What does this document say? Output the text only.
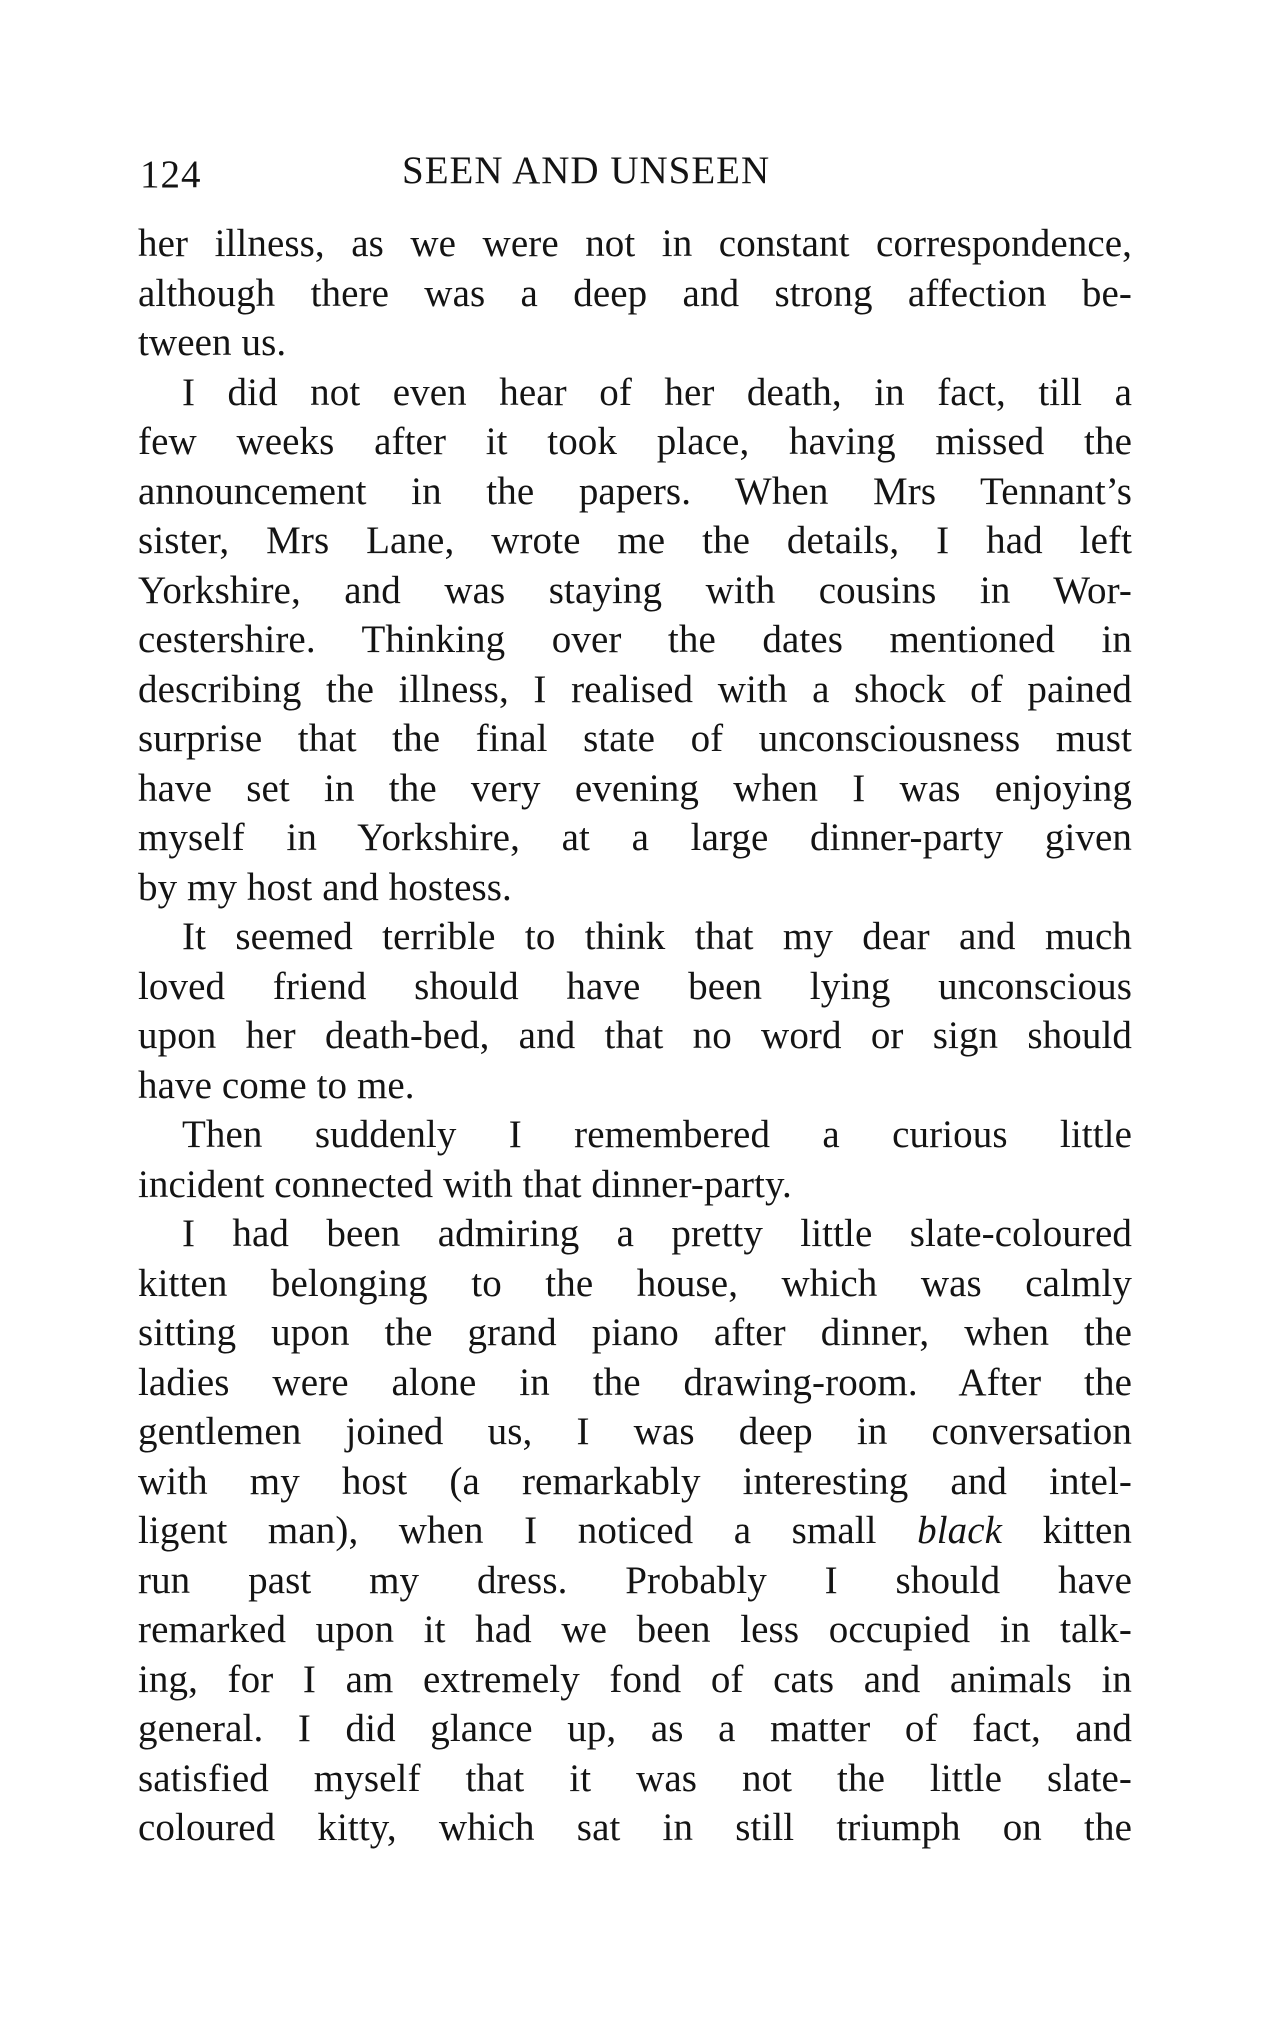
124	SEEN AND UNSEEN
her illness, as we were not in constant correspondence,
although there was a deep and strong affection be-
tween us.
I did not even hear of her death, in fact, till a
few weeks after it took place, having missed the
announcement in the papers. When Mrs Tennant’s
sister, Mrs Lane, wrote me the details, I had left
Yorkshire, and was staying with cousins in Wor-
cestershire. Thinking over the dates mentioned in
describing the illness, I realised with a shock of pained
surprise that the final state of unconsciousness must
have set in the very evening when I was enjoying
myself in Yorkshire, at a large dinner-party given
by my host and hostess.
It seemed terrible to think that my dear and much
loved friend should have been lying unconscious
upon her death-bed, and that no word or sign should
have come to me.
Then suddenly I remembered a curious little
incident connected with that dinner-party.
I had been admiring a pretty little slate-coloured
kitten belonging to the house, which was calmly
sitting upon the grand piano after dinner, when the
ladies were alone in the drawing-room. After the
gentlemen joined us, I was deep in conversation
with my host (a remarkably interesting and intel-
ligent man), when I noticed a small black kitten
run past my dress. Probably I should have
remarked upon it had we been less occupied in talk-
ing, for I am extremely fond of cats and animals in
general. I did glance up, as a matter of fact, and
satisfied myself that it was not the little slate-
coloured kitty, which sat in still triumph on the
